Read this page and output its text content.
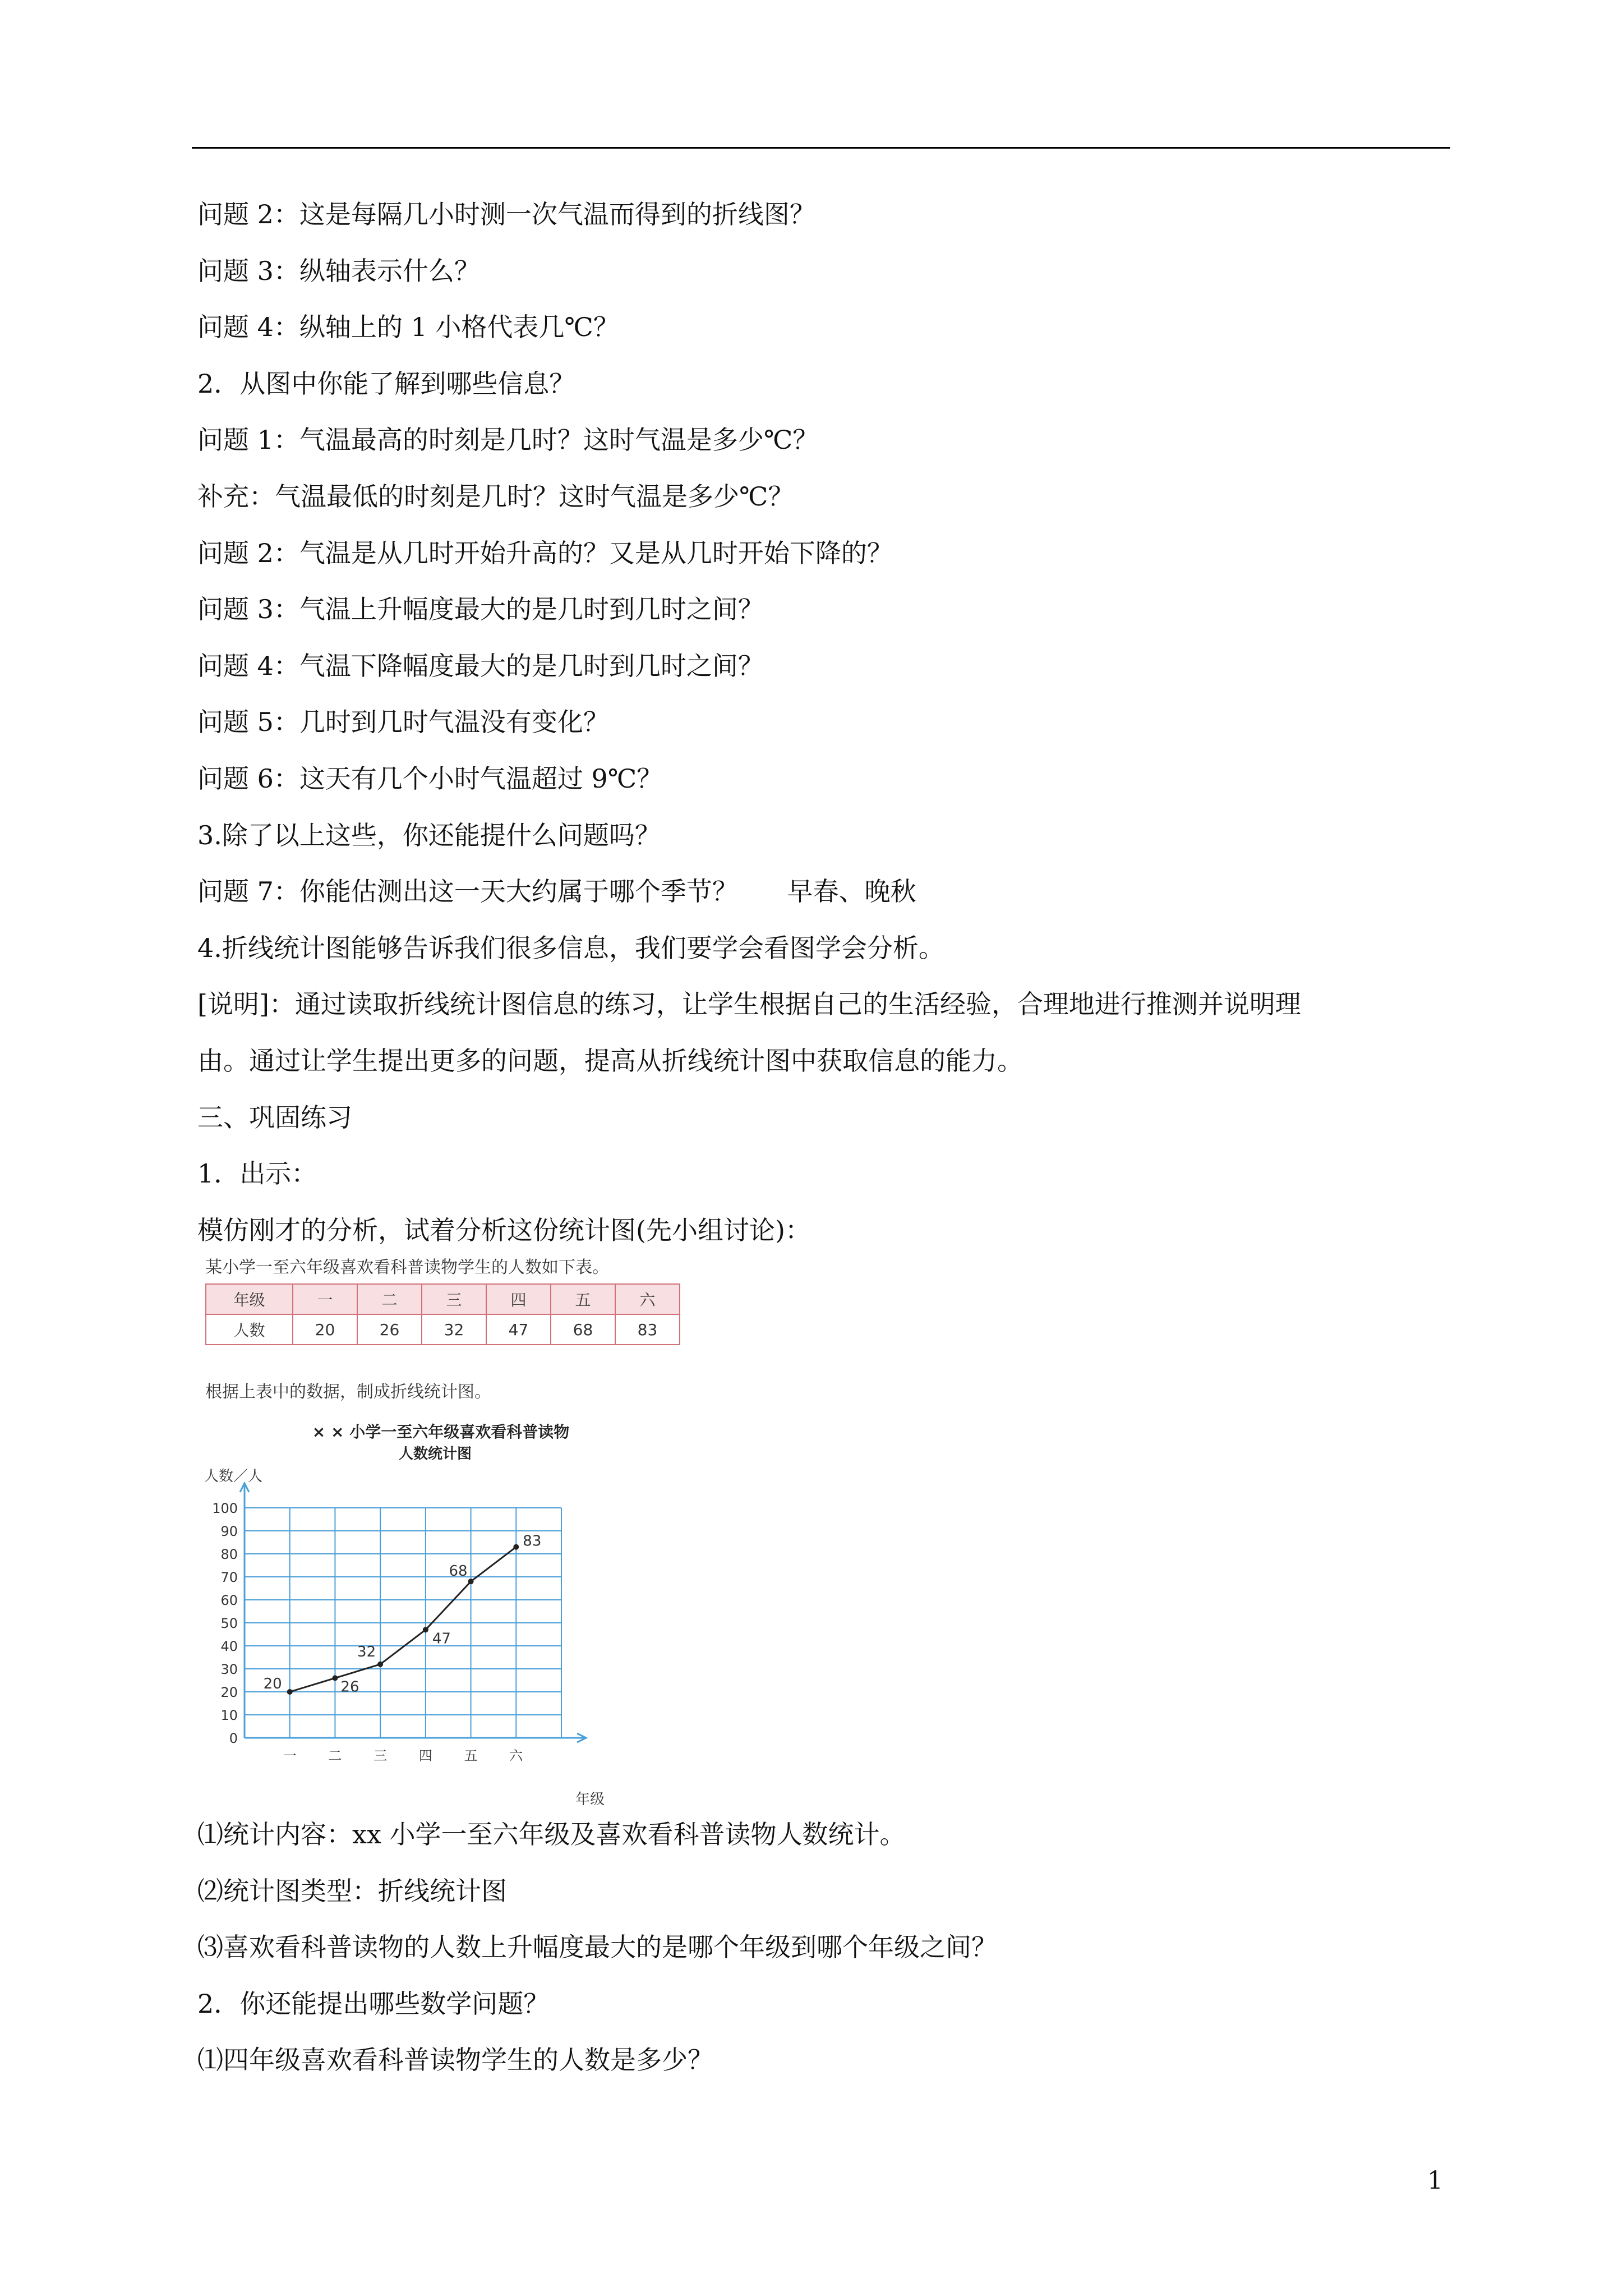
问题 2：这是每隔几小时测一次气温而得到的折线图？
问题 3：纵轴表示什么？
问题 4：纵轴上的 1 小格代表几℃？
2．从图中你能了解到哪些信息？
问题 1：气温最高的时刻是几时？这时气温是多少℃？
补充：气温最低的时刻是几时？这时气温是多少℃？
问题 2：气温是从几时开始升高的？又是从几时开始下降的？
问题 3：气温上升幅度最大的是几时到几时之间？
问题 4：气温下降幅度最大的是几时到几时之间？
问题 5：几时到几时气温没有变化？
问题 6：这天有几个小时气温超过 9℃？
3.除了以上这些，你还能提什么问题吗？
问题 7：你能估测出这一天大约属于哪个季节？      早春、晚秋
4.折线统计图能够告诉我们很多信息，我们要学会看图学会分析。
[说明]：通过读取折线统计图信息的练习，让学生根据自己的生活经验，合理地进行推测并说明理
由。通过让学生提出更多的问题，提高从折线统计图中获取信息的能力。
三、巩固练习
1．出示：
模仿刚才的分析，试着分析这份统计图(先小组讨论)：
某小学一至六年级喜欢看科普读物学生的人数如下表。
年级	一	二	三	四	五	六
人数	20	26	32	47	68	83
根据上表中的数据，制成折线统计图。
× × 小学一至六年级喜欢看科普读物
人数统计图
人数／人
年级
0
10
20
30
40
50
60
70
80
90
100
一 二 三 四 五 六
20	26
32
47
68
83
⑴统计内容：xx 小学一至六年级及喜欢看科普读物人数统计。
⑵统计图类型：折线统计图
⑶喜欢看科普读物的人数上升幅度最大的是哪个年级到哪个年级之间？
2．你还能提出哪些数学问题？
⑴四年级喜欢看科普读物学生的人数是多少？
1
